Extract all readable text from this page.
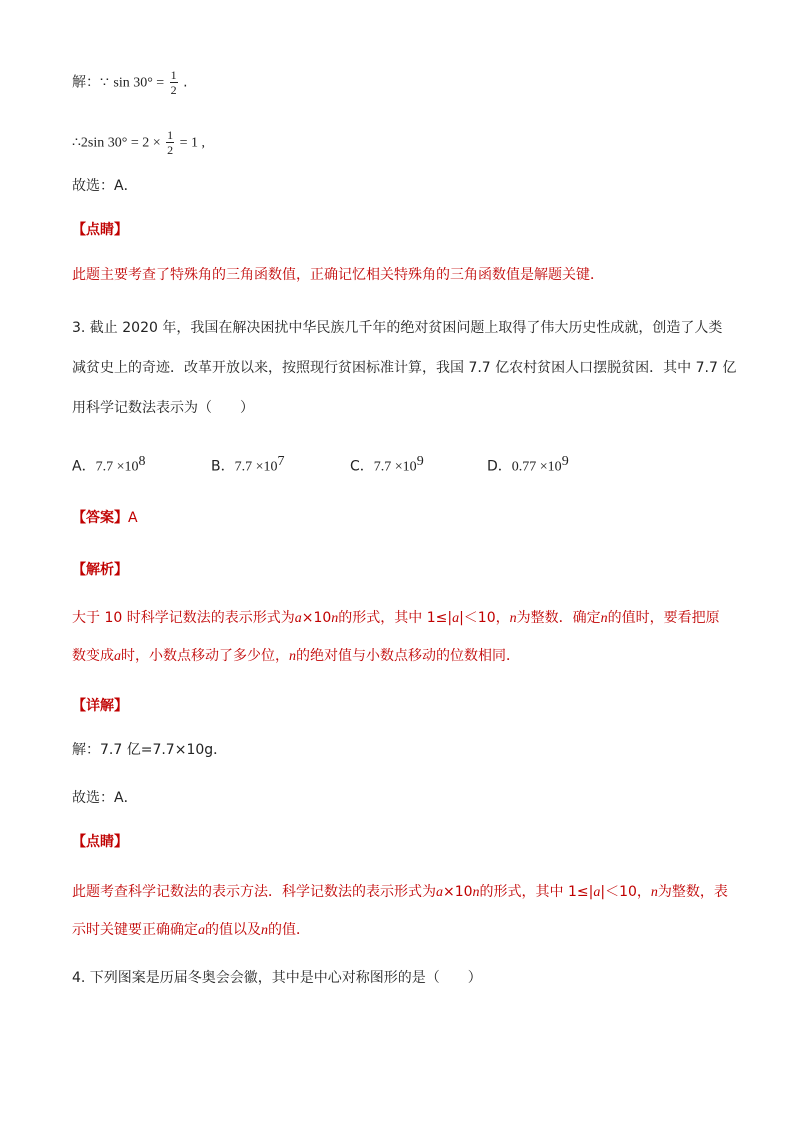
解：∵ $\sin 30^\circ = \frac{1}{2}$ .
∴2sin $30^\circ = 2 \times \frac{1}{2} = 1$ ,
故选：A．
【点睛】
此题主要考查了特殊角的三角函数值，正确记忆相关特殊角的三角函数值是解题关键．
3. 截止 2020 年，我国在解决困扰中华民族几千年的绝对贫困问题上取得了伟大历史性成就，创造了人类
减贫史上的奇迹．改革开放以来，按照现行贫困标准计算，我国 7.7 亿农村贫困人口摆脱贫困．其中 7.7 亿
用科学记数法表示为（　　）
A．$7.7 \times 10^8$	B．$7.7 \times 10^7$	C．$7.7 \times 10^9$	D．$0.77 \times 10^9$
【答案】A
【解析】
大于 10 时科学记数法的表示形式为a×10n的形式，其中 1≤|a|＜10，n为整数．确定n的值时，要看把原
数变成a时，小数点移动了多少位，n的绝对值与小数点移动的位数相同．
【详解】
解：7.7 亿=7.7×10g．
故选：A．
【点睛】
此题考查科学记数法的表示方法．科学记数法的表示形式为a×10n的形式，其中 1≤|a|＜10，n为整数，表
示时关键要正确确定a的值以及n的值．
4. 下列图案是历届冬奥会会徽，其中是中心对称图形的是（　　）
